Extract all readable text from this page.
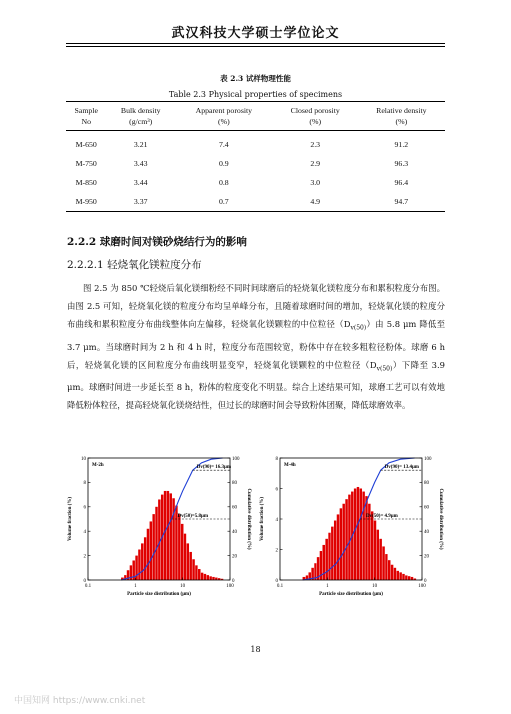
武汉科技大学硕士学位论文
表 2.3 试样物理性能
Table 2.3 Physical properties of specimens
Sample	Bulk density	Apparent porosity	Closed porosity	Relative density
No	(g/cm³)	(%)	(%)	(%)
M-650	3.21	7.4	2.3	91.2
M-750	3.43	0.9	2.9	96.3
M-850	3.44	0.8	3.0	96.4
M-950	3.37	0.7	4.9	94.7
2.2.2 球磨时间对镁砂烧结行为的影响
2.2.2.1 轻烧氧化镁粒度分布
图 2.5 为 850 ℃轻烧后氧化镁细粉经不同时间球磨后的轻烧氧化镁粒度分布和累积粒度分布图。由图 2.5 可知，轻烧氧化镁的粒度分布均呈单峰分布，且随着球磨时间的增加，轻烧氧化镁的粒度分布曲线和累积粒度分布曲线整体向左偏移，轻烧氧化镁颗粒的中位粒径$(D_{v(50)})$由 5.8 μm 降低至 3.7 μm。当球磨时间为 2 h 和 4 h 时，粒度分布范围较宽，粉体中存在较多粗粒径粉体。球磨 6 h 后，轻烧氧化镁的区间粒度分布曲线明显变窄，轻烧氧化镁颗粒的中位粒径$(D_{v(50)})$下降至 3.9 μm。球磨时间进一步延长至 8 h，粉体的粒度变化不明显。综合上述结果可知，球磨工艺可以有效地降低粉体粒径，提高轻烧氧化镁烧结性，但过长的球磨时间会导致粉体团聚，降低球磨效率。
0.1	1	10	100
0
2
4
6
8
10
0
20
40
60
80
100
M-2h	Dv(90)= 16.3μm
Dv(50)=5.8μm
Particle size distribution (μm)
Volume fraction (%)	Cumulative distribution (%)
0.1	1	10	100
0
2
4
6
8
0
20
40
60
80
100
M-4h	Dv(90)= 13.4μm
Dv(50)= 4.9μm
Particle size distribution (μm)
Volume fraction (%)	Cumulative distribution (%)
18
中国知网 https://www.cnki.net
